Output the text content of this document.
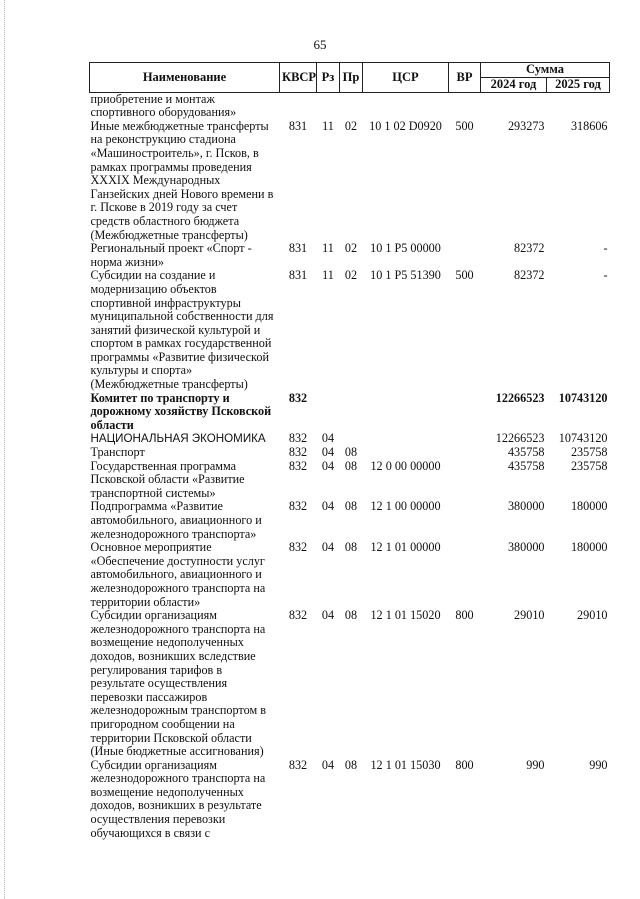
65
Наименование	КВСР	Рз	Пр	ЦСР	ВР	Сумма	
						2024 год	2025 год
приобретение и монтаж спортивного оборудования»							
Иные межбюджетные трансферты на реконструкцию стадиона «Машиностроитель», г. Псков, в рамках программы проведения XXXIX Международных Ганзейских дней Нового времени в г. Пскове в 2019 году за счет средств областного бюджета (Межбюджетные трансферты)	831	11	02	10 1 02 D0920	500	293273	318606
Региональный проект «Спорт - норма жизни»	831	11	02	10 1 P5 00000		82372	-
Субсидии на создание и модернизацию объектов спортивной инфраструктуры муниципальной собственности для занятий физической культурой и спортом в рамках государственной программы «Развитие физической культуры и спорта» (Межбюджетные трансферты)	831	11	02	10 1 P5 51390	500	82372	-
Комитет по транспорту и дорожному хозяйству Псковской области	832					12266523	10743120
НАЦИОНАЛЬНАЯ ЭКОНОМИКА	832	04				12266523	10743120
Транспорт	832	04	08			435758	235758
Государственная программа Псковской области «Развитие транспортной системы»	832	04	08	12 0 00 00000		435758	235758
Подпрограмма «Развитие автомобильного, авиационного и железнодорожного транспорта»	832	04	08	12 1 00 00000		380000	180000
Основное мероприятие «Обеспечение доступности услуг автомобильного, авиационного и железнодорожного транспорта на территории области»	832	04	08	12 1 01 00000		380000	180000
Субсидии организациям железнодорожного транспорта на возмещение недополученных доходов, возникших вследствие регулирования тарифов в результате осуществления перевозки пассажиров железнодорожным транспортом в пригородном сообщении на территории Псковской области (Иные бюджетные ассигнования)	832	04	08	12 1 01 15020	800	29010	29010
Субсидии организациям железнодорожного транспорта на возмещение недополученных доходов, возникших в результате осуществления перевозки обучающихся в связи с	832	04	08	12 1 01 15030	800	990	990
